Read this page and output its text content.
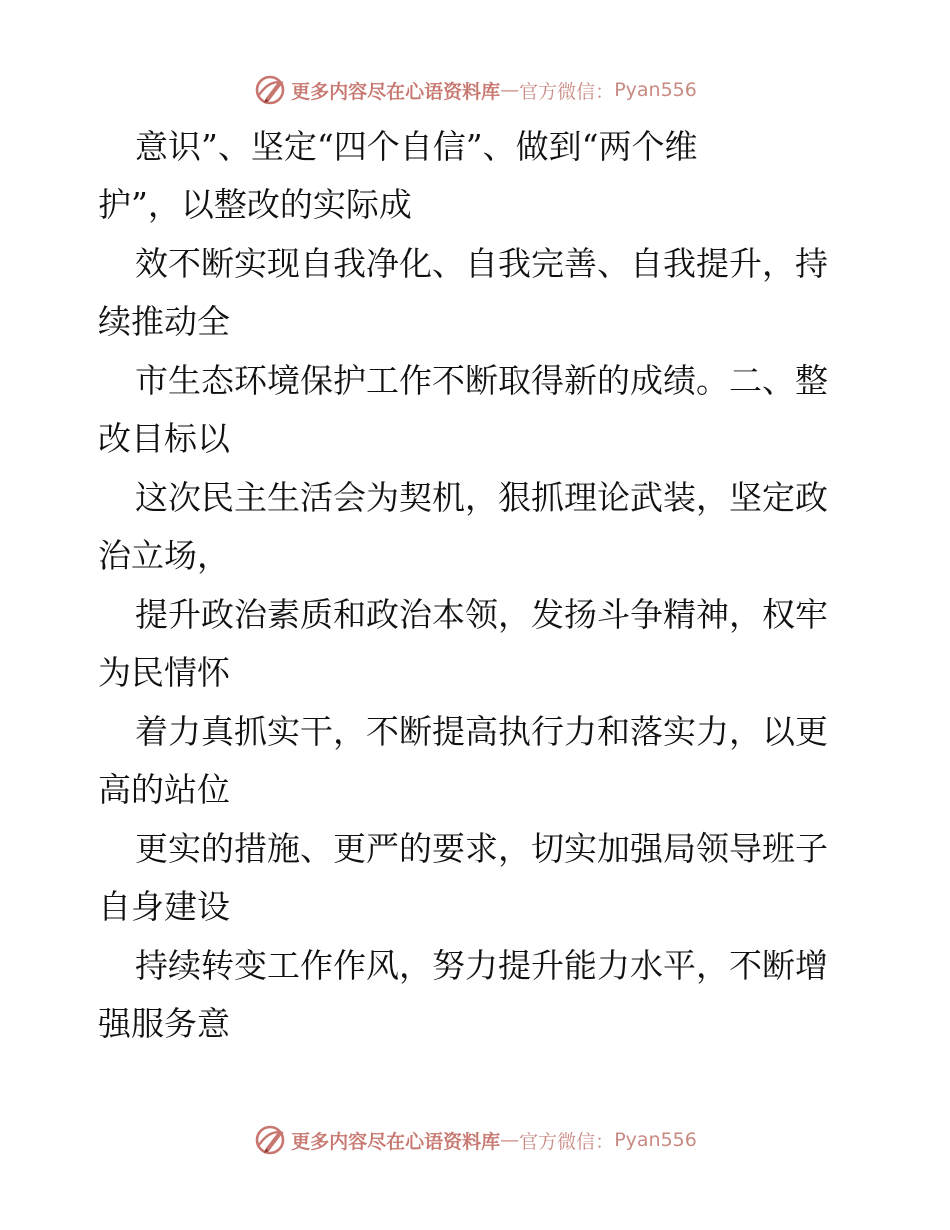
更多内容尽在心语资料库 — 官方微信： Pyan556
意识”、坚定“四个自信”、做到“两个维
护”，以整改的实际成
效不断实现自我净化、自我完善、自我提升，持
续推动全
市生态环境保护工作不断取得新的成绩。二、整
改目标以
这次民主生活会为契机，狠抓理论武装，坚定政
治立场，
提升政治素质和政治本领，发扬斗争精神，权牢
为民情怀
着力真抓实干，不断提高执行力和落实力，以更
高的站位
更实的措施、更严的要求，切实加强局领导班子
自身建设
持续转变工作作风，努力提升能力水平，不断增
强服务意
更多内容尽在心语资料库 — 官方微信： Pyan556
